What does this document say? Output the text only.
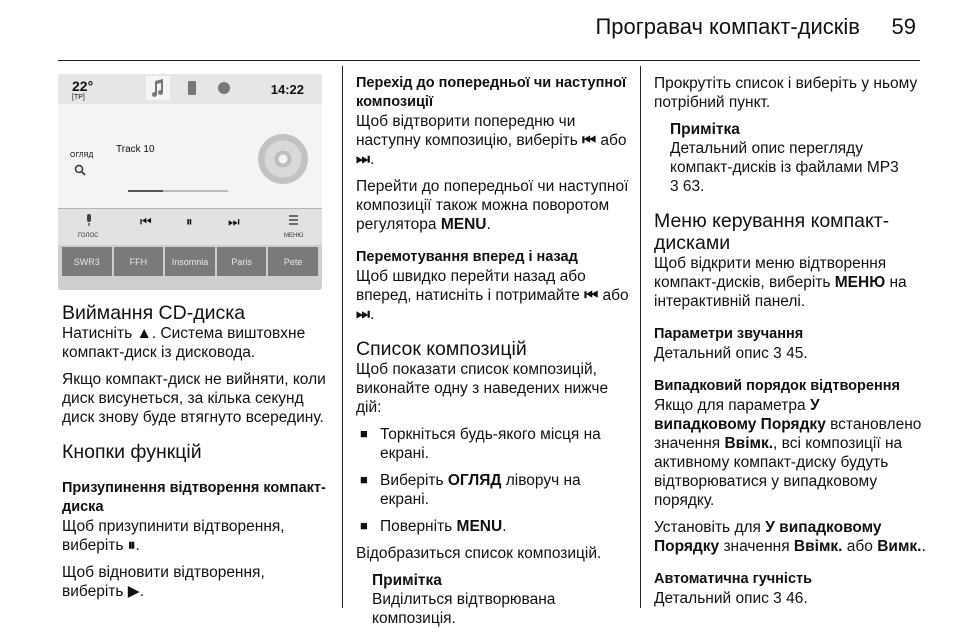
Програвач компакт-дисків 59
22°
[TP]
14:22
ОГЛЯД
Track 10
ГОЛОС	МЕНЮ
⏮	⏸	⏭
SWR3	FFH	Insomnia	Paris	Pete
Виймання CD-диска

Натисніть ▲. Система виштовхне компакт-диск із дисковода.

Якщо компакт-диск не вийняти, коли диск висунеться, за кілька секунд диск знову буде втягнуто всередину.

Кнопки функцій
Призупинення відтворення компакт-диска

Щоб призупинити відтворення, виберіть ⏸.

Щоб відновити відтворення, виберіть ▶.

Перехід до попередньої чи наступної композиції

Щоб відтворити попередню чи наступну композицію, виберіть ⏮ або ⏭.

Перейти до попередньої чи наступної композиції також можна поворотом регулятора MENU.

Перемотування вперед і назад

Щоб швидко перейти назад або вперед, натисніть і потримайте ⏮ або ⏭.

Список композицій

Щоб показати список композицій, виконайте одну з наведених нижче дій:

■ Торкніться будь-якого місця на екрані.

■ Виберіть ОГЛЯД ліворуч на екрані.

■ Поверніть MENU.

Відобразиться список композицій.

Примітка
Виділиться відтворювана композиція.

Прокрутіть список і виберіть у ньому потрібний пункт.

Примітка
Детальний опис перегляду компакт-дисків із файлами MP3
3 63.
Меню керування компакт-дисками

Щоб відкрити меню відтворення компакт-дисків, виберіть МЕНЮ на інтерактивній панелі.

Параметри звучання

Детальний опис 3 45.

Випадковий порядок відтворення

Якщо для параметра У випадковому Порядку встановлено значення Ввімк., всі композиції на активному компакт-диску будуть відтворюватися у випадковому порядку.

Установіть для У випадковому Порядку значення Ввімк. або Вимк..

Автоматична гучність

Детальний опис 3 46.
